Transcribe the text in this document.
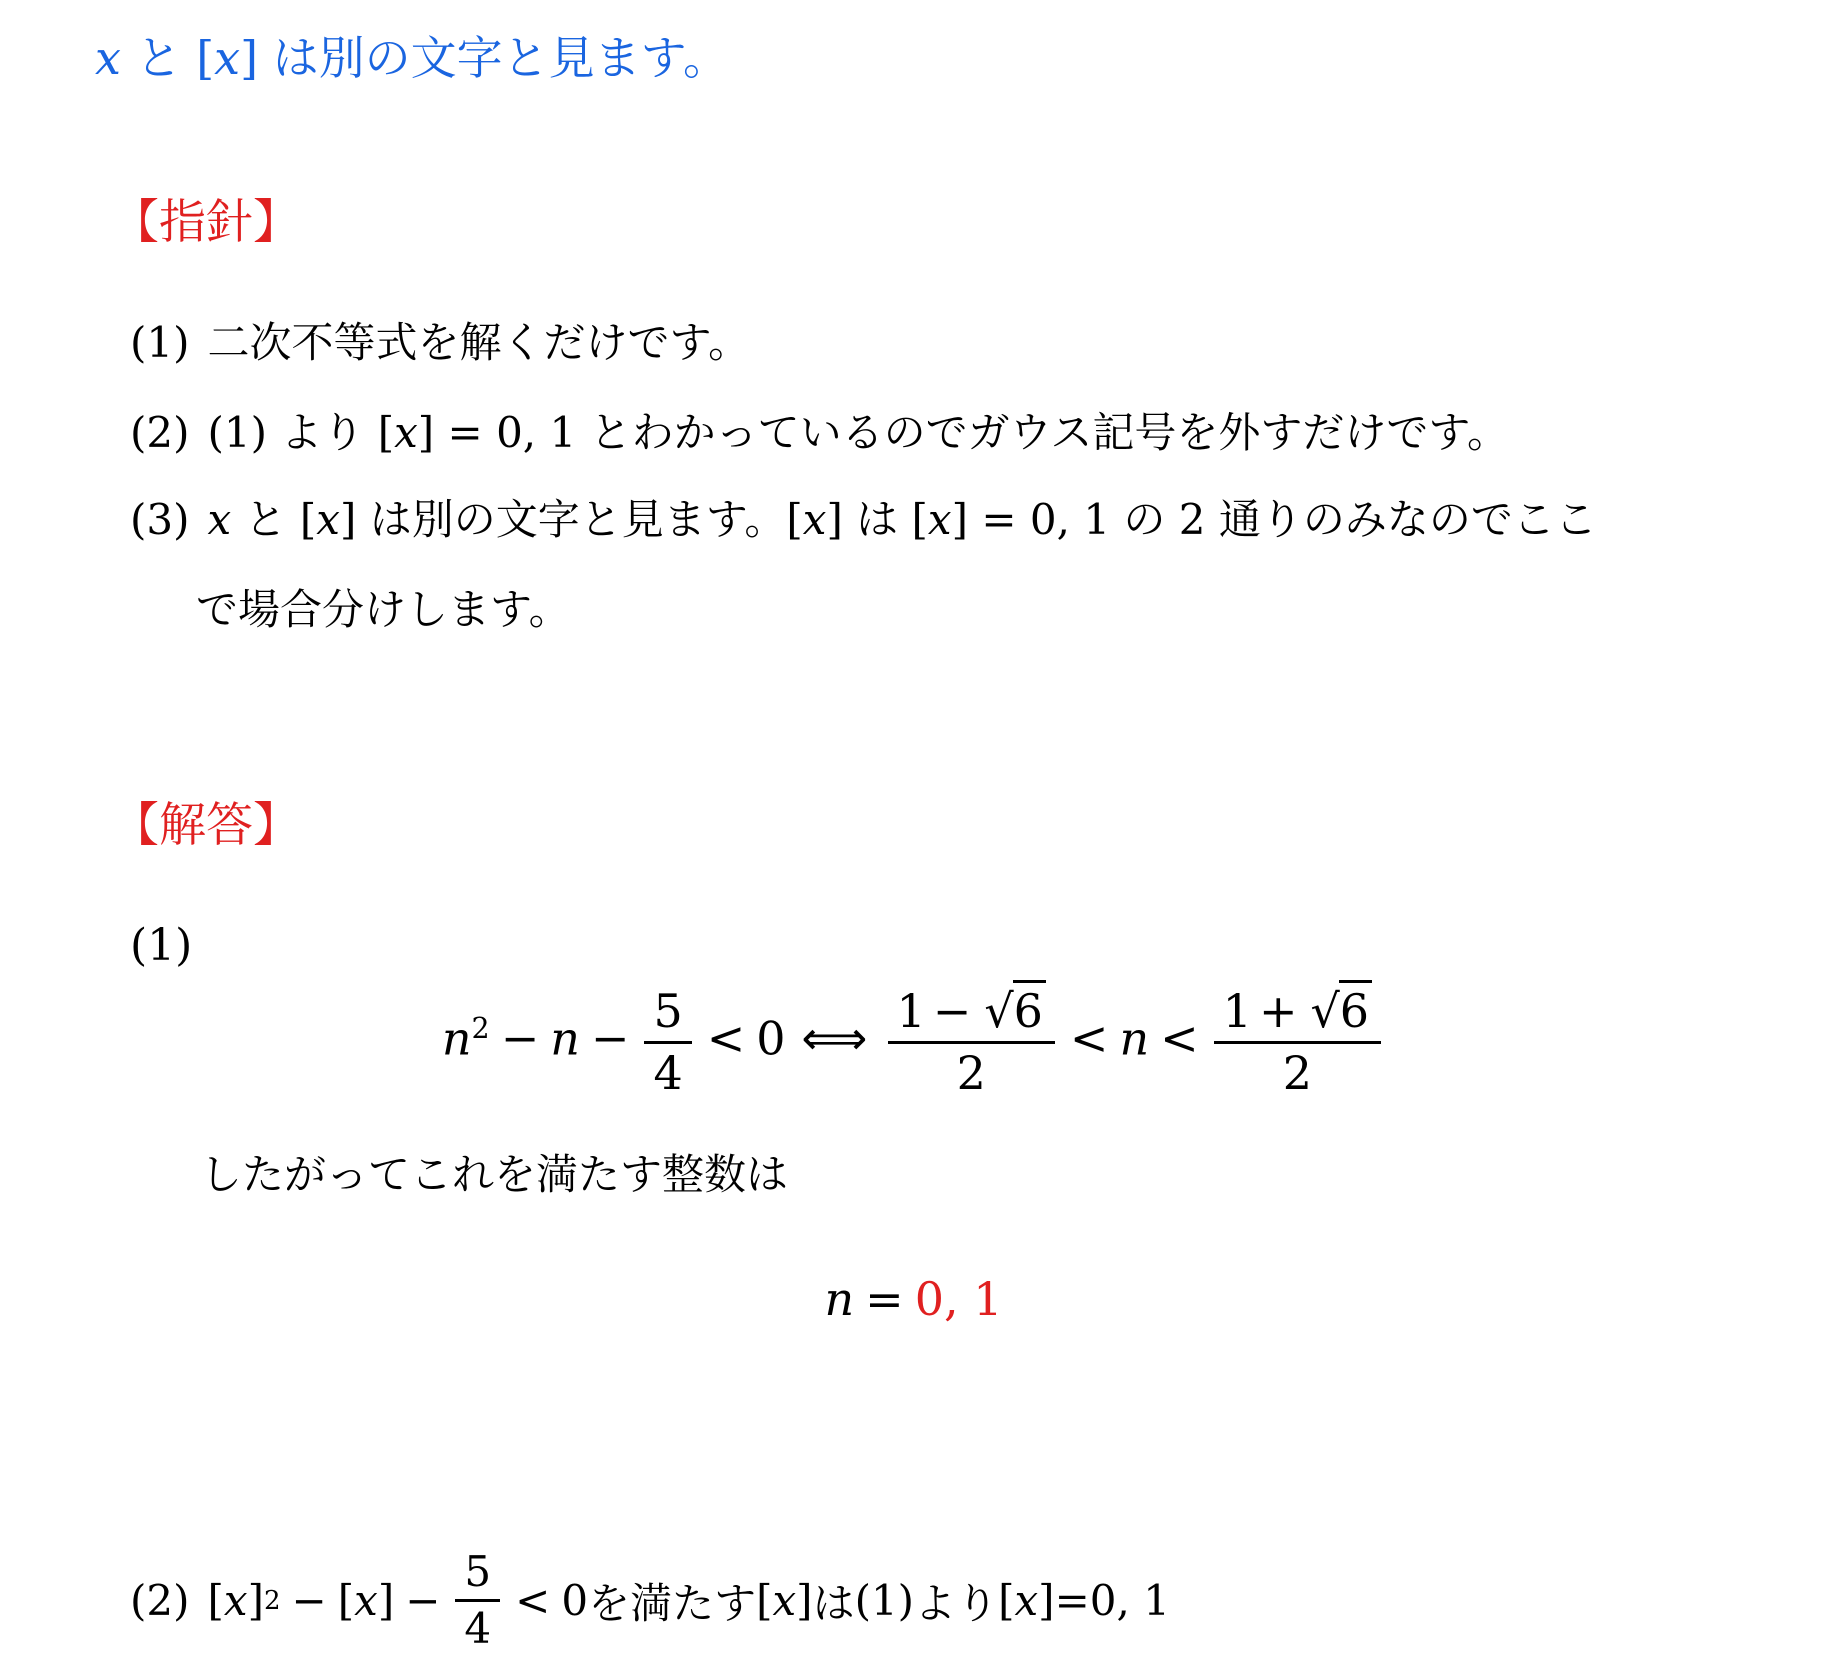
x と [x] は別の文字と見ます。
【指針】
(1) 二次不等式を解くだけです。
(2) (1) より [x] = 0, 1 とわかっているのでガウス記号を外すだけです。
(3) x と [x] は別の文字と見ます。[x] は [x] = 0, 1 の 2 通りのみなのでここ
で場合分けします。
【解答】
(1)
$n^2 - n - \frac{5}{4} < 0$ ⟺ $\frac{1 - √6}{2} < n < \frac{1 + √6}{2}$
したがってこれを満たす整数は
n = 0, 1
(2) [ x ] 2 − [ x ] − $\frac{5}{4} < 0$ を満たす [ x ] は (1) より [ x ] = 0, 1
